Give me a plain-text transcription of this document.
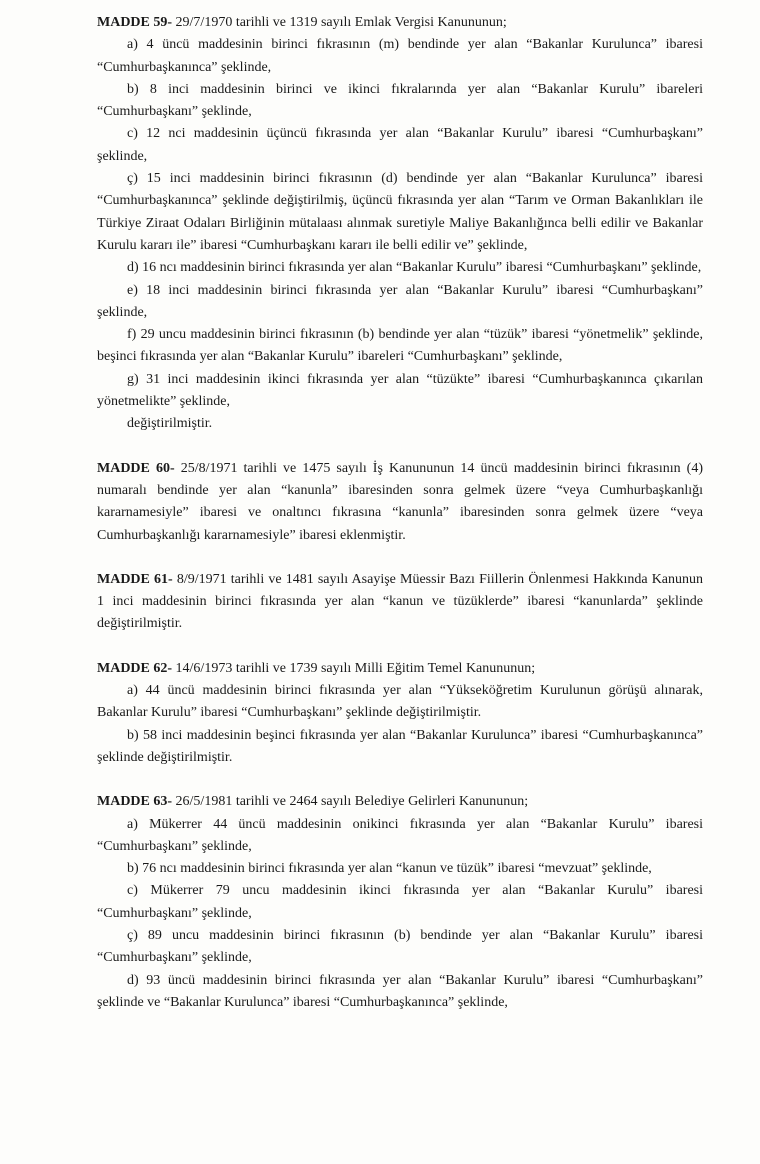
MADDE 59- 29/7/1970 tarihli ve 1319 sayılı Emlak Vergisi Kanununun;

a) 4 üncü maddesinin birinci fıkrasının (m) bendinde yer alan “Bakanlar Kurulunca” ibaresi “Cumhurbaşkanınca” şeklinde,

b) 8 inci maddesinin birinci ve ikinci fıkralarında yer alan “Bakanlar Kurulu” ibareleri “Cumhurbaşkanı” şeklinde,

c) 12 nci maddesinin üçüncü fıkrasında yer alan “Bakanlar Kurulu” ibaresi “Cumhurbaşkanı” şeklinde,

ç) 15 inci maddesinin birinci fıkrasının (d) bendinde yer alan “Bakanlar Kurulunca” ibaresi “Cumhurbaşkanınca” şeklinde değiştirilmiş, üçüncü fıkrasında yer alan “Tarım ve Orman Bakanlıkları ile Türkiye Ziraat Odaları Birliğinin mütalaası alınmak suretiyle Maliye Bakanlığınca belli edilir ve Bakanlar Kurulu kararı ile” ibaresi “Cumhurbaşkanı kararı ile belli edilir ve” şeklinde,

d) 16 ncı maddesinin birinci fıkrasında yer alan “Bakanlar Kurulu” ibaresi “Cumhurbaşkanı” şeklinde,

e) 18 inci maddesinin birinci fıkrasında yer alan “Bakanlar Kurulu” ibaresi “Cumhurbaşkanı” şeklinde,

f) 29 uncu maddesinin birinci fıkrasının (b) bendinde yer alan “tüzük” ibaresi “yönetmelik” şeklinde, beşinci fıkrasında yer alan “Bakanlar Kurulu” ibareleri “Cumhurbaşkanı” şeklinde,

g) 31 inci maddesinin ikinci fıkrasında yer alan “tüzükte” ibaresi “Cumhurbaşkanınca çıkarılan yönetmelikte” şeklinde,

değiştirilmiştir.

MADDE 60- 25/8/1971 tarihli ve 1475 sayılı İş Kanununun 14 üncü maddesinin birinci fıkrasının (4) numaralı bendinde yer alan “kanunla” ibaresinden sonra gelmek üzere “veya Cumhurbaşkanlığı kararnamesiyle” ibaresi ve onaltıncı fıkrasına “kanunla” ibaresinden sonra gelmek üzere “veya Cumhurbaşkanlığı kararnamesiyle” ibaresi eklenmiştir.

MADDE 61- 8/9/1971 tarihli ve 1481 sayılı Asayişe Müessir Bazı Fiillerin Önlenmesi Hakkında Kanunun 1 inci maddesinin birinci fıkrasında yer alan “kanun ve tüzüklerde” ibaresi “kanunlarda” şeklinde değiştirilmiştir.

MADDE 62- 14/6/1973 tarihli ve 1739 sayılı Milli Eğitim Temel Kanununun;

a) 44 üncü maddesinin birinci fıkrasında yer alan “Yükseköğretim Kurulunun görüşü alınarak, Bakanlar Kurulu” ibaresi “Cumhurbaşkanı” şeklinde değiştirilmiştir.

b) 58 inci maddesinin beşinci fıkrasında yer alan “Bakanlar Kurulunca” ibaresi “Cumhurbaşkanınca” şeklinde değiştirilmiştir.

MADDE 63- 26/5/1981 tarihli ve 2464 sayılı Belediye Gelirleri Kanununun;

a) Mükerrer 44 üncü maddesinin onikinci fıkrasında yer alan “Bakanlar Kurulu” ibaresi “Cumhurbaşkanı” şeklinde,

b) 76 ncı maddesinin birinci fıkrasında yer alan “kanun ve tüzük” ibaresi “mevzuat” şeklinde,

c) Mükerrer 79 uncu maddesinin ikinci fıkrasında yer alan “Bakanlar Kurulu” ibaresi “Cumhurbaşkanı” şeklinde,

ç) 89 uncu maddesinin birinci fıkrasının (b) bendinde yer alan “Bakanlar Kurulu” ibaresi “Cumhurbaşkanı” şeklinde,

d) 93 üncü maddesinin birinci fıkrasında yer alan “Bakanlar Kurulu” ibaresi “Cumhurbaşkanı” şeklinde ve “Bakanlar Kurulunca” ibaresi “Cumhurbaşkanınca” şeklinde,
